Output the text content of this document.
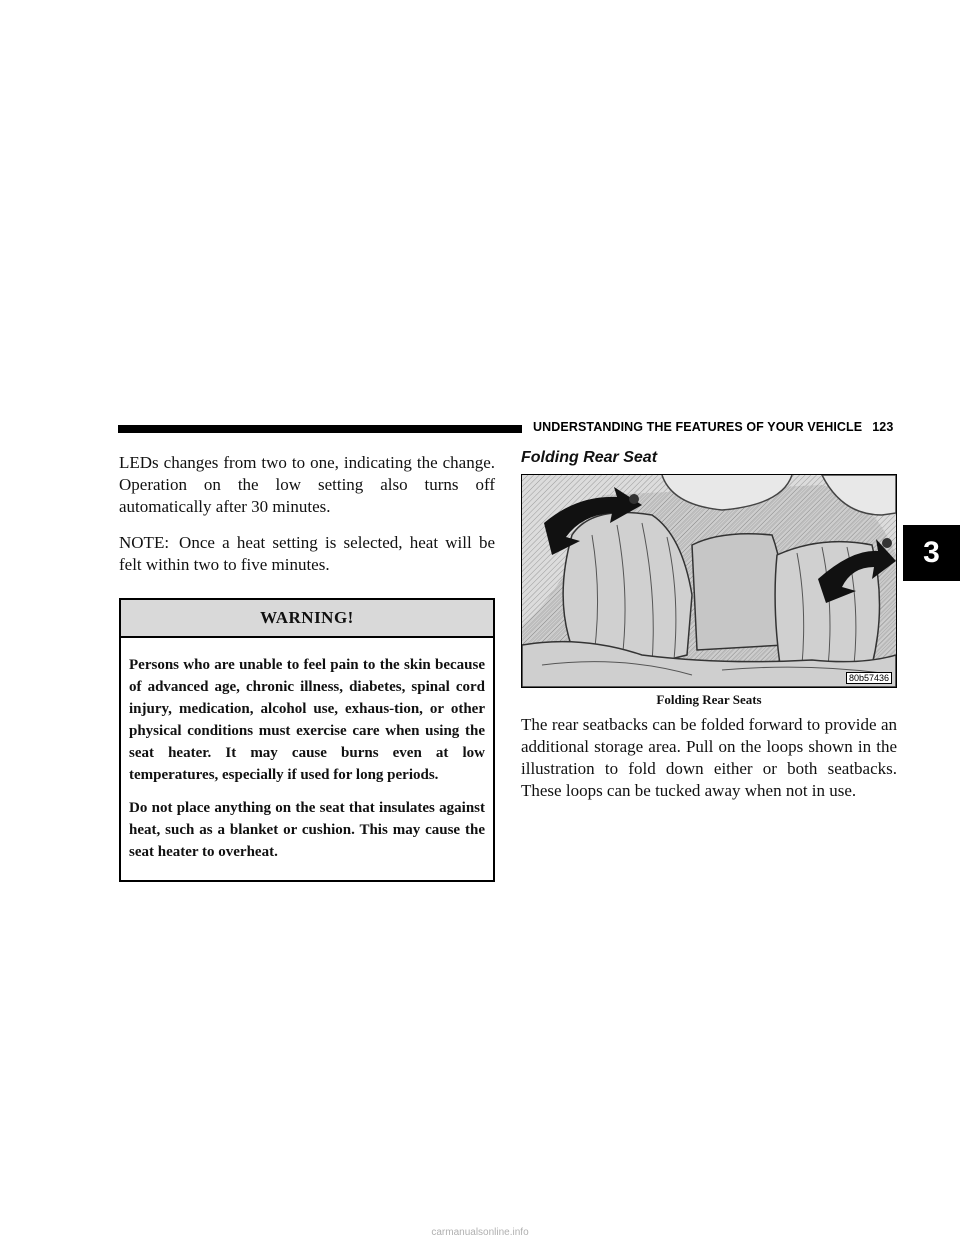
UNDERSTANDING THE FEATURES OF YOUR VEHICLE 123
3

LEDs changes from two to one, indicating the change. Operation on the low setting also turns off automatically after 30 minutes.

NOTE: Once a heat setting is selected, heat will be felt within two to five minutes.

WARNING!

Persons who are unable to feel pain to the skin because of advanced age, chronic illness, diabetes, spinal cord injury, medication, alcohol use, exhaus-tion, or other physical conditions must exercise care when using the seat heater. It may cause burns even at low temperatures, especially if used for long periods.

Do not place anything on the seat that insulates against heat, such as a blanket or cushion. This may cause the seat heater to overheat.

Folding Rear Seat
80b57436
Folding Rear Seats

The rear seatbacks can be folded forward to provide an additional storage area. Pull on the loops shown in the illustration to fold down either or both seatbacks. These loops can be tucked away when not in use.

carmanualsonline.info
